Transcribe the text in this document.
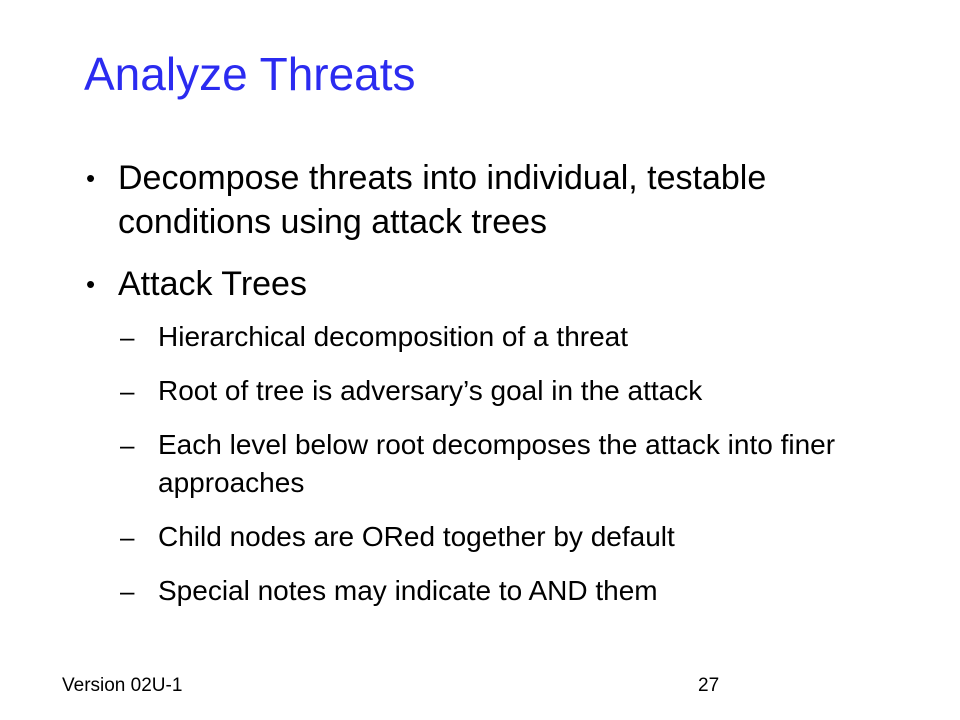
Analyze Threats
• Decompose threats into individual, testable conditions using attack trees
• Attack Trees
– Hierarchical decomposition of a threat
– Root of tree is adversary’s goal in the attack
– Each level below root decomposes the attack into finer approaches
– Child nodes are ORed together by default
– Special notes may indicate to AND them
Version 02U-1	27
